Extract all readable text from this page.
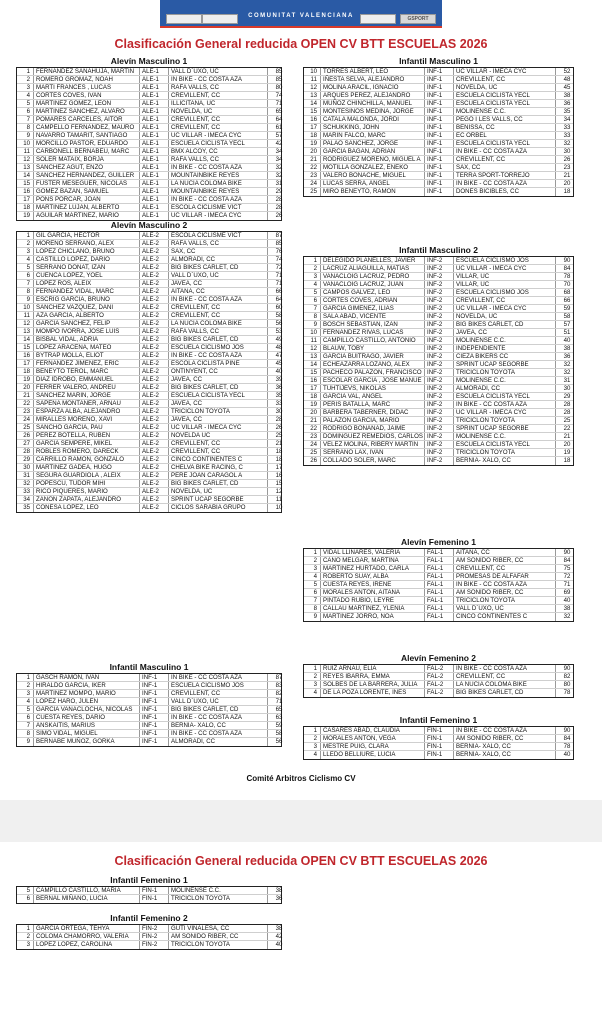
GSPORT
COMUNITAT VALENCIANA
Clasificación General reducida OPEN CV BTT ESCUELAS 2026
Alevín Masculino 1
1 FERNANDEZ SANAHUJA, MARTIN	ALE-1	VALL D´UXO, UC	85
2 ROMERO GROMAZ, NOAH	ALE-1	IN BIKE - CC COSTA AZA	85
3 MARTI FRANCES , LUCAS	ALE-1	RAFA VALLS, CC	80
4 CORTES COVES, IVAN	ALE-1	CREVILLENT, CC	74
5 MARTINEZ GOMEZ, LEON	ALE-1	ILLICITANA, UC	71
6 MARTINEZ SANCHEZ, ALVARO	ALE-1	NOVELDA, UC	65
7 POMARES CARCELES, AITOR	ALE-1	CREVILLENT, CC	64
8 CAMPELLO FERNANDEZ, MAURO	ALE-1	CREVILLENT, CC	61
9 NAVARRO TAMARIT, SANTIAGO	ALE-1	UC VILLAR - IMECA CYC	57
10 MORCILLO PASTOR, EDUARDO	ALE-1	ESCUELA CICLISTA YECL	42
11 CARBONELL BERNABEU, MARC	ALE-1	BMX ALCOY, CC	34
12 SOLER MATAIX, BORJA	ALE-1	RAFA VALLS, CC	34
13 SANCHEZ AGUT, ENZO	ALE-1	IN BIKE - CC COSTA AZA	32
14 SANCHEZ HERNANDEZ, GUILLER	ALE-1	MOUNTAINBIKE REYES	32
15 FUSTER MESEGUER, NICOLAS	ALE-1	LA NUCIA COLOMA BIKE	31
16 GOMEZ BAZAN, SAMUEL	ALE-1	MOUNTAINBIKE REYES	29
17 PONS PORCAR, JOAN	ALE-1	IN BIKE - CC COSTA AZA	28
18 MARTINEZ LUJAN, ALBERTO	ALE-1	ESCOLA CICLISME VICT	28
19 AGUILAR MARTINEZ, MARIO	ALE-1	UC VILLAR - IMECA CYC	26
Alevín Masculino 2
1 GIL GARCIA, HECTOR	ALE-2	ESCOLA CICLISME VICT	87
2 MORENO SERRANO, ALEX	ALE-2	RAFA VALLS, CC	85
3 LOPEZ CHICLANO, BRUNO	ALE-2	SAX, CC	76
4 CASTILLO LOPEZ, DARIO	ALE-2	ALMORADI, CC	74
5 SERRANO DONAT, IZAN	ALE-2	BIG BIKES CARLET, CD	72
6 CUENCA LOPEZ, YOEL	ALE-2	VALL D´UXO, UC	71
7 LOPEZ ROS, ALEIX	ALE-2	JAVEA, CC	71
8 FERNANDEZ VIDAL, MARC	ALE-2	AITANA, CC	66
9 ESCRIG GARCIA, BRUNO	ALE-2	IN BIKE - CC COSTA AZA	64
10 SANCHEZ VAZQUEZ, DANI	ALE-2	CREVILLENT, CC	60
11 AZA GARCIA, ALBERTO	ALE-2	CREVILLENT, CC	58
12 GARCIA SANCHEZ, FELIP	ALE-2	LA NUCIA COLOMA BIKE	56
13 MOMPO IVORRA, JOSE LUIS	ALE-2	RAFA VALLS, CC	53
14 BISBAL VIDAL, ADRIA	ALE-2	BIG BIKES CARLET, CD	49
15 LOPEZ ARACENA, MATEO	ALE-2	ESCUELA CICLISMO JOS	48
16 BYTRAP MOLLA, ELIOT	ALE-2	IN BIKE - CC COSTA AZA	47
17 FERNANDEZ JIMENEZ, ERIC	ALE-2	ESCOLA CICLISTA PINE	45
18 BENEYTO TEROL, MARC	ALE-2	ONTINYENT, CC	40
19 DIAZ IDROBO, EMMANUEL	ALE-2	JAVEA, CC	39
20 FERRER VALERO, ANDREU	ALE-2	BIG BIKES CARLET, CD	36
21 SANCHEZ MARIN, JORGE	ALE-2	ESCUELA CICLISTA YECL	35
22 SAPENA MONTANER, ARNAU	ALE-2	JAVEA, CC	33
23 ESPARZA ALBA, ALEJANDRO	ALE-2	TRICICLON TOYOTA	30
24 MIRALLES MORENO, XAVI	ALE-2	JAVEA, CC	28
25 SANCHO GARCIA, PAU	ALE-2	UC VILLAR - IMECA CYC	26
26 PEREZ BOTELLA, RUBEN	ALE-2	NOVELDA UC	25
27 GARCIA SEMPERE, MIKEL	ALE-2	CREVILLENT, CC	21
28 ROBLES ROMERO, DARECK	ALE-2	CREVILLENT, CC	18
29 CARRILLO RAMON, GONZALO	ALE-2	CINCO CONTINENTES C	18
30 MARTINEZ GADEA, HUGO	ALE-2	CHELVA BIKE RACING, C	17
31 SEGURA GUARDIOLA , ALEIX	ALE-2	PERE JOAN CARAGOL A	16
32 POPESCU, TUDOR MIHI	ALE-2	BIG BIKES CARLET, CD	15
33 RICO PIQUERES, MARIO	ALE-2	NOVELDA, UC	12
34 ZANON ZAPATA, ALEJANDRO	ALE-2	SPRINT UCAP SEGORBE	11
35 CONESA LOPEZ, LEO	ALE-2	CICLOS SARABIA GRUPO	10
Infantil Masculino 1
1 GASCH RAMON, IVAN	INF-1	IN BIKE - CC COSTA AZA	87
2 HIRALDO GARCIA, IKER	INF-1	ESCUELA CICLISMO JOS	83
3 MARTINEZ MOMPO, MARIO	INF-1	CREVILLENT, CC	82
4 LOPEZ HARO, JULEN	INF-1	VALL D´UXO, UC	71
5 GARCIA VANACLOCHA, NICOLAS	INF-1	BIG BIKES CARLET, CD	65
6 CUESTA REYES, DARIO	INF-1	IN BIKE - CC COSTA AZA	63
7 ANSKAITIS, MARIUS	INF-1	BERNIA- XALO, CC	59
8 SIMO VIDAL, MIGUEL	INF-1	IN BIKE - CC COSTA AZA	58
9 BERNABE MUÑOZ, GORKA	INF-1	ALMORADI, CC	56
Infantil Masculino 1
10 TORRES ALBERT, LEO	INF-1	UC VILLAR - IMECA CYC	52
11 IÑESTA SELVA, ALEJANDRO	INF-1	CREVILLENT, CC	48
12 MOLINA ARACIL, IGNACIO	INF-1	NOVELDA, UC	45
13 ARQUES PEREZ, ALEJANDRO	INF-1	ESCUELA CICLISTA YECL	38
14 MUÑOZ CHINCHILLA, MANUEL	INF-1	ESCUELA CICLISTA YECL	36
15 MONTESINOS MEDINA, JORGE	INF-1	MOLINENSE C.C.	35
16 CATALA MALONDA, JORDI	INF-1	PEGO I LES VALLS, CC	34
17 SCHUKKING, JOHN	INF-1	BENISSA, CC	33
18 MARIN FALCO, MARC	INF-1	EC ORBEL	33
19 PALAO SANCHEZ, JORGE	INF-1	ESCUELA CICLISTA YECL	32
20 GARCIA BAGAN, ADRIAN	INF-1	IN BIKE - CC COSTA AZA	30
21 RODRIGUEZ MORENO, MIGUEL A	INF-1	CREVILLENT, CC	26
22 MOTILLA GONZALEZ, ENEKO	INF-1	SAX, CC	23
23 VALERO BONACHE, MIGUEL	INF-1	TERRA SPORT-TORREJO	21
24 LUCAS SERRA, ANGEL	INF-1	IN BIKE - CC COSTA AZA	20
25 MIRO BENEYTO, RAMON	INF-1	DONES BICIBLES, CC	18
Infantil Masculino 2
1 DELEGIDO PLANELLES, JAVIER	INF-2	ESCUELA CICLISMO JOS	90
2 LACRUZ ALIAGUILLA, MATIAS	INF-2	UC VILLAR - IMECA CYC	84
3 VANACLOIG LACRUZ, PEDRO	INF-2	VILLAR, UC	78
4 VANACLOIG LACRUZ, JUAN	INF-2	VILLAR, UC	70
5 CAMPOS GALVEZ, LEO	INF-2	ESCUELA CICLISMO JOS	68
6 CORTES COVES, ADRIAN	INF-2	CREVILLENT, CC	66
7 GARCIA GIMENEZ, ILIAS	INF-2	UC VILLAR - IMECA CYC	59
8 SALA ABAD, VICENTE	INF-2	NOVELDA, UC	58
9 BOSCH SEBASTIAN, IZAN	INF-2	BIG BIKES CARLET, CD	57
10 FERNANDEZ RIVAS, LUCAS	INF-2	JAVEA, CC	51
11 CAMPILLO CASTILLO, ANTONIO	INF-2	MOLINENSE C.C.	40
12 BLAUW, TOBY	INF-2	INDEPENDIENTE	38
13 GARCIA BUITRAGO, JAVIER	INF-2	CIEZA BIKERS CC	36
14 ECHEAZARRA LOZANO, ALEX	INF-2	SPRINT UCAP SEGORBE	32
15 PACHECO PALAZON, FRANCISCO INF-2	TRICICLON TOYOTA	32
16 ESCOLAR GARCIA , JOSE MANUE INF-2	MOLINENSE C.C.	31
17 TUHTIJEVS, NIKOLAS	INF-2	ALMORADI, CC	30
18 GARCIA VAL, ANGEL	INF-2	ESCUELA CICLISTA YECL	29
19 PERIS BATALLA, MARC	INF-2	IN BIKE - CC COSTA AZA	28
20 BARBERA TABERNER, DIDAC	INF-2	UC VILLAR - IMECA CYC	28
21 PALAZON GARCIA, MARIO	INF-2	TRICICLON TOYOTA	25
22 RODRIGO BONANAD, JAIME	INF-2	SPRINT UCAP SEGORBE	22
23 DOMINGUEZ REMEDIOS, CARLOS INF-2	MOLINENSE C.C.	21
24 VELEZ MOLINA, RIBERY MARTIN	INF-2	ESCUELA CICLISTA YECL	20
25 SERRANO LAX, IVAN	INF-2	TRICICLON TOYOTA	19
26 COLLADO SOLER, MARC	INF-2	BERNIA- XALO, CC	18
Alevín Femenino 1
1 VIDAL LLINARES, VALERIA	FAL-1	AITANA, CC	90
2 CANO MELGAR, MARTINA	FAL-1	AM SONIDO RIBER, CC	84
3 MARTINEZ HURTADO, CARLA	FAL-1	CREVILLENT, CC	75
4 ROBERTO SUAY, ALBA	FAL-1	PROMESAS DE ALFAFAR	72
5 CUESTA REYES, IRENE	FAL-1	IN BIKE - CC COSTA AZA	71
6 MORALES ANTON, AITANA	FAL-1	AM SONIDO RIBER, CC	69
7 PINTADO RUBIO, LEYRE	FAL-1	TRICICLON TOYOTA	40
8 CALLAU MARTINEZ, YLENIA	FAL-1	VALL D´UXO, UC	38
9 MARTINEZ JORRO, NOA	FAL-1	CINCO CONTINENTES C	32
Alevín Femenino 2
1 RUIZ ARNAU, ELIA	FAL-2	IN BIKE - CC COSTA AZA	90
2 REYES IBARRA, EMMA	FAL-2	CREVILLENT, CC	82
3 SOLBES DE LA BARRERA, JULIA	FAL-2	LA NUCIA COLOMA BIKE	80
4 DE LA POZA LORENTE, INES	FAL-2	BIG BIKES CARLET, CD	78
Infantil Femenino 1
1 CASARES ABAD, CLAUDIA	FIN-1	IN BIKE - CC COSTA AZA	90
2 MORALES ANTON, VEGA	FIN-1	AM SONIDO RIBER, CC	84
3 MESTRE PUIG, CLARA	FIN-1	BERNIA- XALO, CC	78
4 LLEDO BELLIURE, LUCIA	FIN-1	BERNIA- XALO, CC	40
Comité Arbitros Ciclismo CV
Clasificación General reducida OPEN CV BTT ESCUELAS 2026
Infantil Femenino 1
5 CAMPILLO CASTILLO, MARIA	FIN-1	MOLINENSE C.C.	38
6 BERNAL MIÑANO, LUCIA	FIN-1	TRICICLON TOYOTA	36
Infantil Femenino 2
1 GARCIA ORTEGA, TEHYA	FIN-2	GUTI VINALESA, CC	38
2 COLOMA CHAMORRO, VALERIA	FIN-2	AM SONIDO RIBER, CC	42
3 LOPEZ LOPEZ, CAROLINA	FIN-2	TRICICLON TOYOTA	40
